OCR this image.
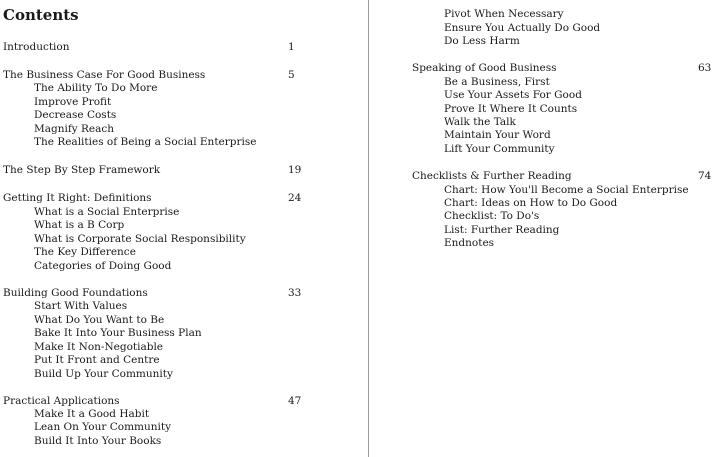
Contents
Introduction	1
The Business Case For Good Business	5
The Ability To Do More
Improve Profit
Decrease Costs
Magnify Reach
The Realities of Being a Social Enterprise
The Step By Step Framework	19
Getting It Right: Definitions	24
What is a Social Enterprise
What is a B Corp
What is Corporate Social Responsibility
The Key Difference
Categories of Doing Good
Building Good Foundations	33
Start With Values
What Do You Want to Be
Bake It Into Your Business Plan
Make It Non-Negotiable
Put It Front and Centre
Build Up Your Community
Practical Applications	47
Make It a Good Habit
Lean On Your Community
Build It Into Your Books
Pivot When Necessary
Ensure You Actually Do Good
Do Less Harm
Speaking of Good Business	63
Be a Business, First
Use Your Assets For Good
Prove It Where It Counts
Walk the Talk
Maintain Your Word
Lift Your Community
Checklists & Further Reading	74
Chart: How You'll Become a Social Enterprise
Chart: Ideas on How to Do Good
Checklist: To Do's
List: Further Reading
Endnotes
